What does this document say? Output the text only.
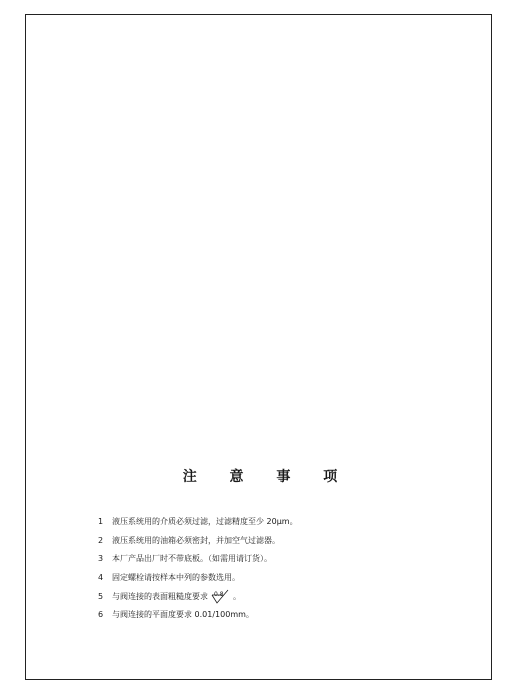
注 意 事 项
1	液压系统用的介质必须过滤，过滤精度至少 20μm。
2	液压系统用的油箱必须密封，并加空气过滤器。
3	本厂产品出厂时不带底板。（如需用请订货）。
4	固定螺栓请按样本中列的参数选用。
5	与阀连接的表面粗糙度要求 0.8 。
6	与阀连接的平面度要求 0.01/100mm。
